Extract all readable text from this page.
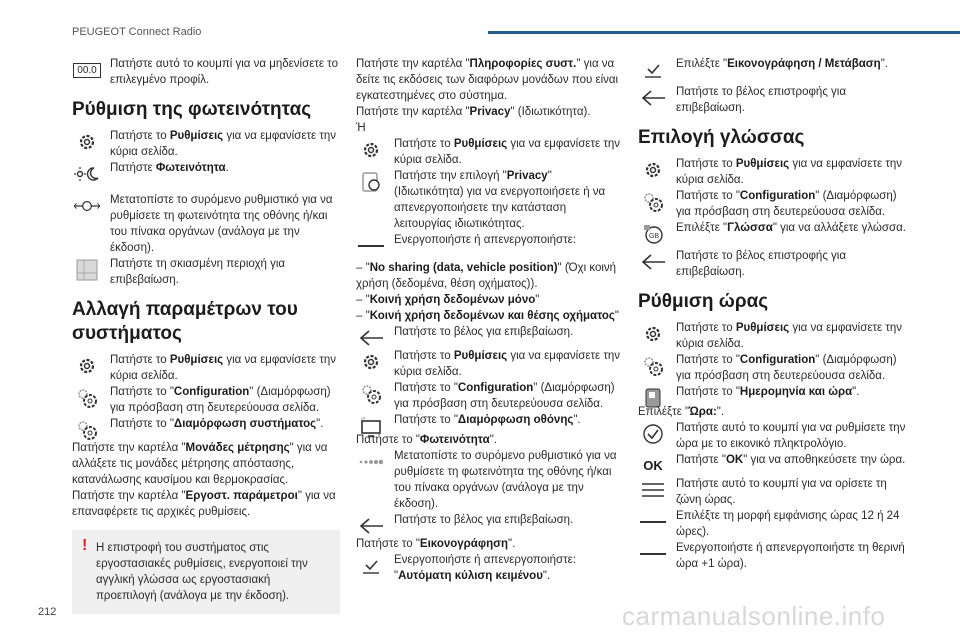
PEUGEOT Connect Radio
00.0	Πατήστε αυτό το κουμπί για να μηδενίσετε το επιλεγμένο προφίλ.
Ρύθμιση της φωτεινότητας
Πατήστε το Ρυθμίσεις για να εμφανίσετε την κύρια σελίδα.
Πατήστε Φωτεινότητα.
Μετατοπίστε το συρόμενο ρυθμιστικό για να ρυθμίσετε τη φωτεινότητα της οθόνης ή/και του πίνακα οργάνων (ανάλογα με την έκδοση).
Πατήστε τη σκιασμένη περιοχή για επιβεβαίωση.
Αλλαγή παραμέτρων του συστήματος
Πατήστε το Ρυθμίσεις για να εμφανίσετε την κύρια σελίδα.
Πατήστε το "Configuration" (Διαμόρφωση) για πρόσβαση στη δευτερεύουσα σελίδα.
Πατήστε το "Διαμόρφωση συστήματος".
Πατήστε την καρτέλα "Μονάδες μέτρησης" για να αλλάξετε τις μονάδες μέτρησης απόστασης, κατανάλωσης καυσίμου και θερμοκρασίας.
Πατήστε την καρτέλα "Εργοστ. παράμετροι" για να επαναφέρετε τις αρχικές ρυθμίσεις.
! Η επιστροφή του συστήματος στις εργοστασιακές ρυθμίσεις, ενεργοποιεί την αγγλική γλώσσα ως εργοστασιακή προεπιλογή (ανάλογα με την έκδοση).
Πατήστε την καρτέλα "Πληροφορίες συστ." για να δείτε τις εκδόσεις των διαφόρων μονάδων που είναι εγκατεστημένες στο σύστημα.
Πατήστε την καρτέλα "Privacy" (Ιδιωτικότητα).
Ή
Πατήστε το Ρυθμίσεις για να εμφανίσετε την κύρια σελίδα.
Πατήστε την επιλογή "Privacy" (Ιδιωτικότητα) για να ενεργοποιήσετε ή να απενεργοποιήσετε την κατάσταση λειτουργίας ιδιωτικότητας.
Ενεργοποιήστε ή απενεργοποιήστε:
– "No sharing (data, vehicle position)" (Όχι κοινή χρήση (δεδομένα, θέση οχήματος)).
– "Κοινή χρήση δεδομένων μόνο"
– "Κοινή χρήση δεδομένων και θέσης οχήματος"
Πατήστε το βέλος για επιβεβαίωση.
Πατήστε το Ρυθμίσεις για να εμφανίσετε την κύρια σελίδα.
Πατήστε το "Configuration" (Διαμόρφωση) για πρόσβαση στη δευτερεύουσα σελίδα.
Πατήστε το "Διαμόρφωση οθόνης".
Πατήστε το "Φωτεινότητα".
Μετατοπίστε το συρόμενο ρυθμιστικό για να ρυθμίσετε τη φωτεινότητα της οθόνης ή/και του πίνακα οργάνων (ανάλογα με την έκδοση).
Πατήστε το βέλος για επιβεβαίωση.
Πατήστε το "Εικονογράφηση".
Ενεργοποιήστε ή απενεργοποιήστε: "Αυτόματη κύλιση κειμένου".
Επιλέξτε "Εικονογράφηση / Μετάβαση".
Πατήστε το βέλος επιστροφής για επιβεβαίωση.
Επιλογή γλώσσας
Πατήστε το Ρυθμίσεις για να εμφανίσετε την κύρια σελίδα.
Πατήστε το "Configuration" (Διαμόρφωση) για πρόσβαση στη δευτερεύουσα σελίδα.
GB
Επιλέξτε "Γλώσσα" για να αλλάξετε γλώσσα.
Πατήστε το βέλος επιστροφής για επιβεβαίωση.
Ρύθμιση ώρας
Πατήστε το Ρυθμίσεις για να εμφανίσετε την κύρια σελίδα.
Πατήστε το "Configuration" (Διαμόρφωση) για πρόσβαση στη δευτερεύουσα σελίδα.
Πατήστε το "Ημερομηνία και ώρα".
Επιλέξτε "Ώρα:".
Πατήστε αυτό το κουμπί για να ρυθμίσετε την ώρα με το εικονικό πληκτρολόγιο.
OK Πατήστε "OK" για να αποθηκεύσετε την ώρα.
Πατήστε αυτό το κουμπί για να ορίσετε τη ζώνη ώρας.
Επιλέξτε τη μορφή εμφάνισης ώρας 12 ή 24 ώρες).
Ενεργοποιήστε ή απενεργοποιήστε τη θερινή ώρα +1 ώρα).
212	carmanualsonline.info
